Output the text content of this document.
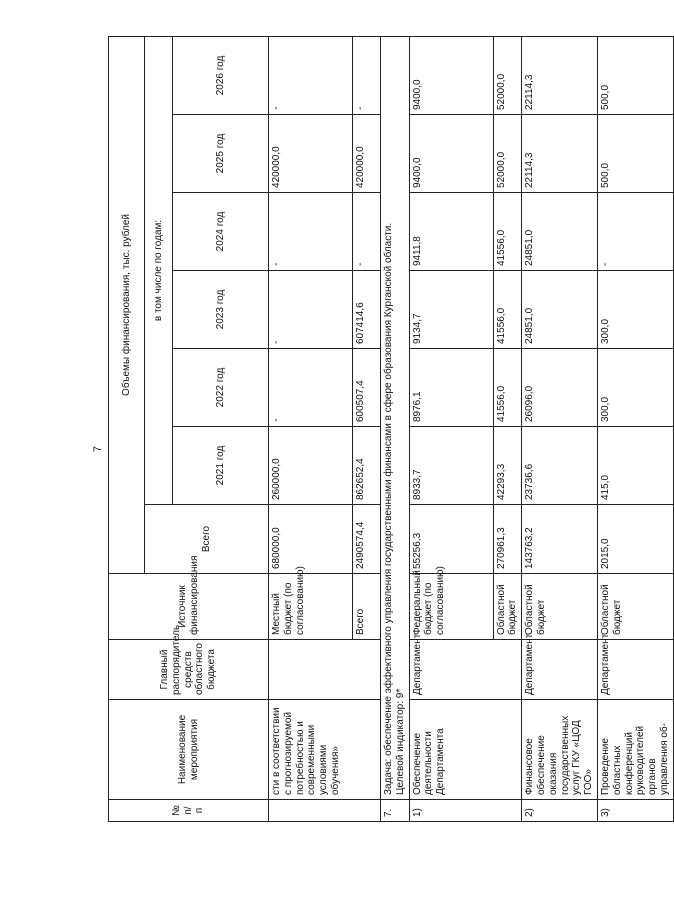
7
№ п/п	Наименование мероприятия	Главный распорядитель средств областного бюджета	Источник финансирования	Объемы финансирования, тыс. рублей						
				Всего	в том числе по годам:					
					2021 год	2022 год	2023 год	2024 год	2025 год	2026 год
	сти в соответствии с прогнозируемой потребностью и современными условиями обучения»		Местный бюджет (по согласованию)	680000,0	260000,0	-	-	-	420000,0	-
			Всего	2490574,4	862652,4	600507,4	607414,6	-	420000,0	-
7.	Задача: обеспечение эффективного управления государственными финансами в сфере образования Курганской области. Целевой индикатор: 9*									

1)	Обеспечение деятельности Департамента	Департамент	Федеральный бюджет (по согласованию)	55256,3	8933,7	8976,1	9134,7	9411,8	9400,0	9400,0
			Областной бюджет	270961,3	42293,3	41556,0	41556,0	41556,0	52000,0	52000,0
2)	Финансовое обеспечение оказания государственных услуг ГКУ «ЦОД ГОО»	Департамент	Областной бюджет	143763,2	23736,6	26096,0	24851,0	24851,0	22114,3	22114,3
3)	Проведение областных конференций руководителей органов управления об-	Департамент	Областной бюджет	2015,0	415,0	300,0	300,0	-	500,0	500,0
